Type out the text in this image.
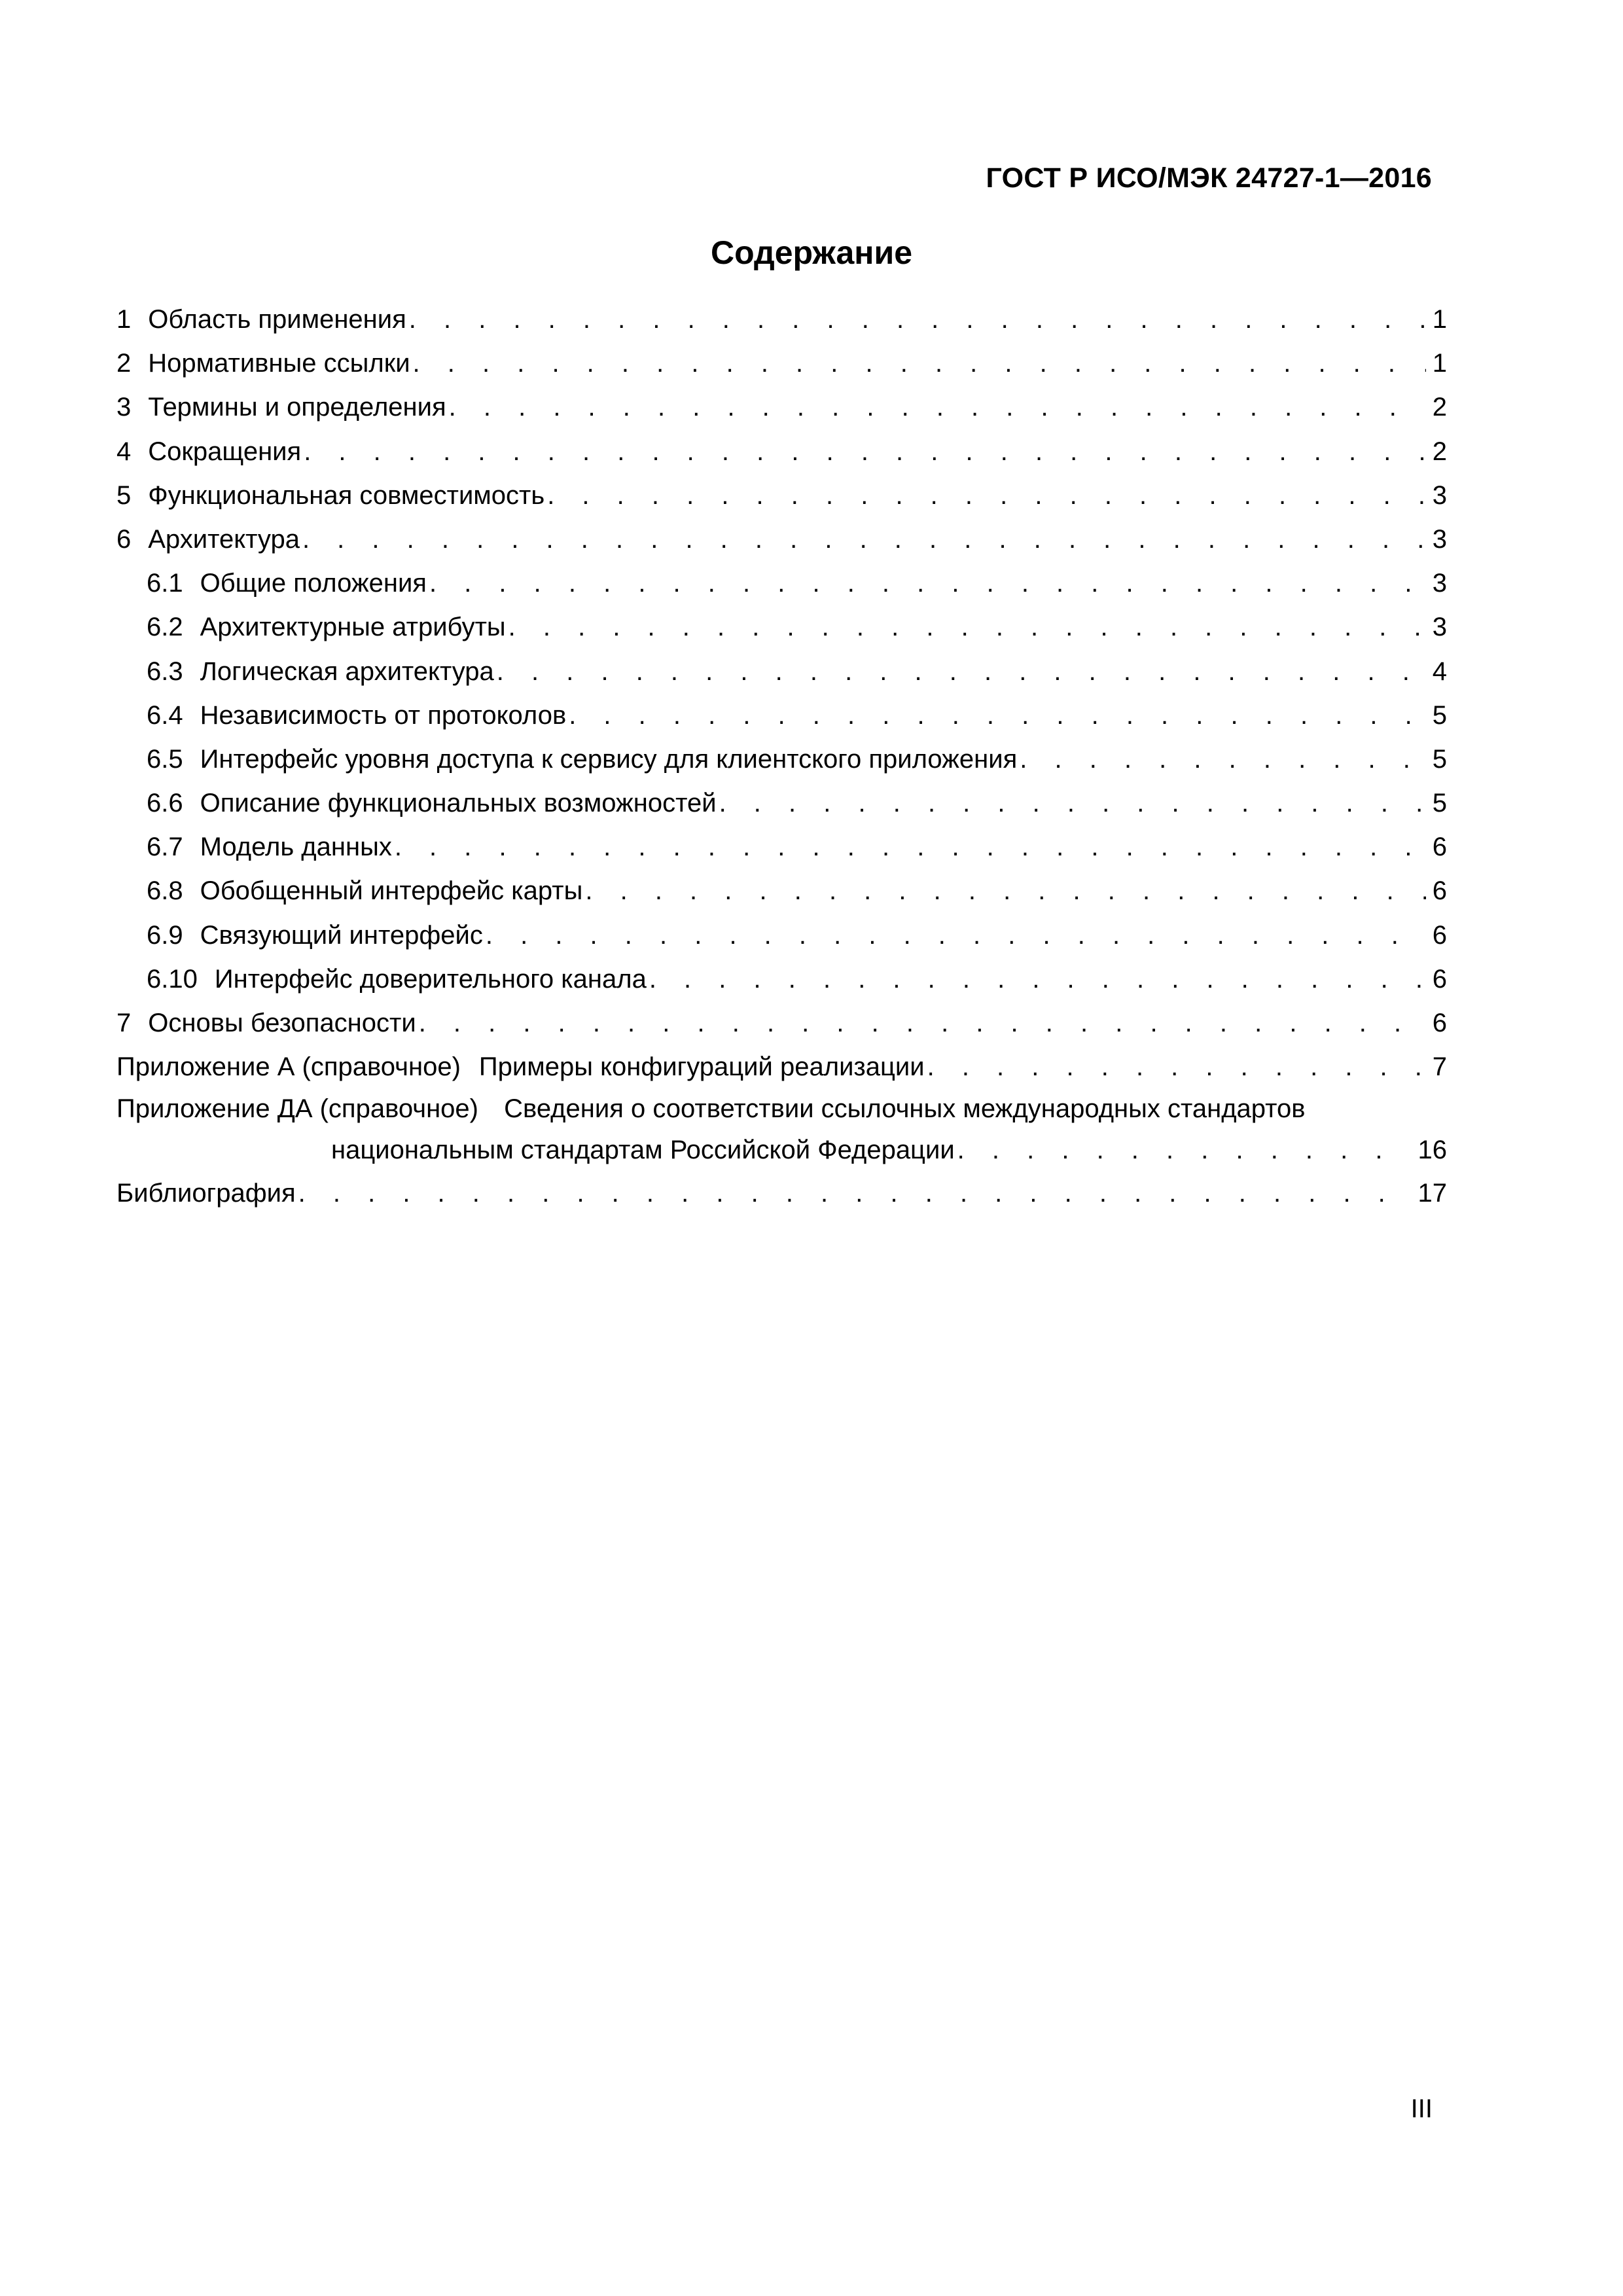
ГОСТ Р ИСО/МЭК 24727-1—2016
Содержание
1 Область применения . . .	1
2 Нормативные ссылки . . .	1
3 Термины и определения . . .	2
4 Сокращения . . .	2
5 Функциональная совместимость . . .	3
6 Архитектура . . .	3
6.1 Общие положения . . .	3
6.2 Архитектурные атрибуты . . .	3
6.3 Логическая архитектура . . .	4
6.4 Независимость от протоколов . . .	5
6.5 Интерфейс уровня доступа к сервису для клиентского приложения . . .	5
6.6 Описание функциональных возможностей . . .	5
6.7 Модель данных . . .	6
6.8 Обобщенный интерфейс карты . . .	6
6.9 Связующий интерфейс . . .	6
6.10 Интерфейс доверительного канала . . .	6
7 Основы безопасности . . .	6
Приложение А (справочное) Примеры конфигураций реализации . . .	7
Приложение ДА (справочное) Сведения о соответствии ссылочных международных стандартов
национальным стандартам Российской Федерации . . .	16
Библиография . . .	17
III
